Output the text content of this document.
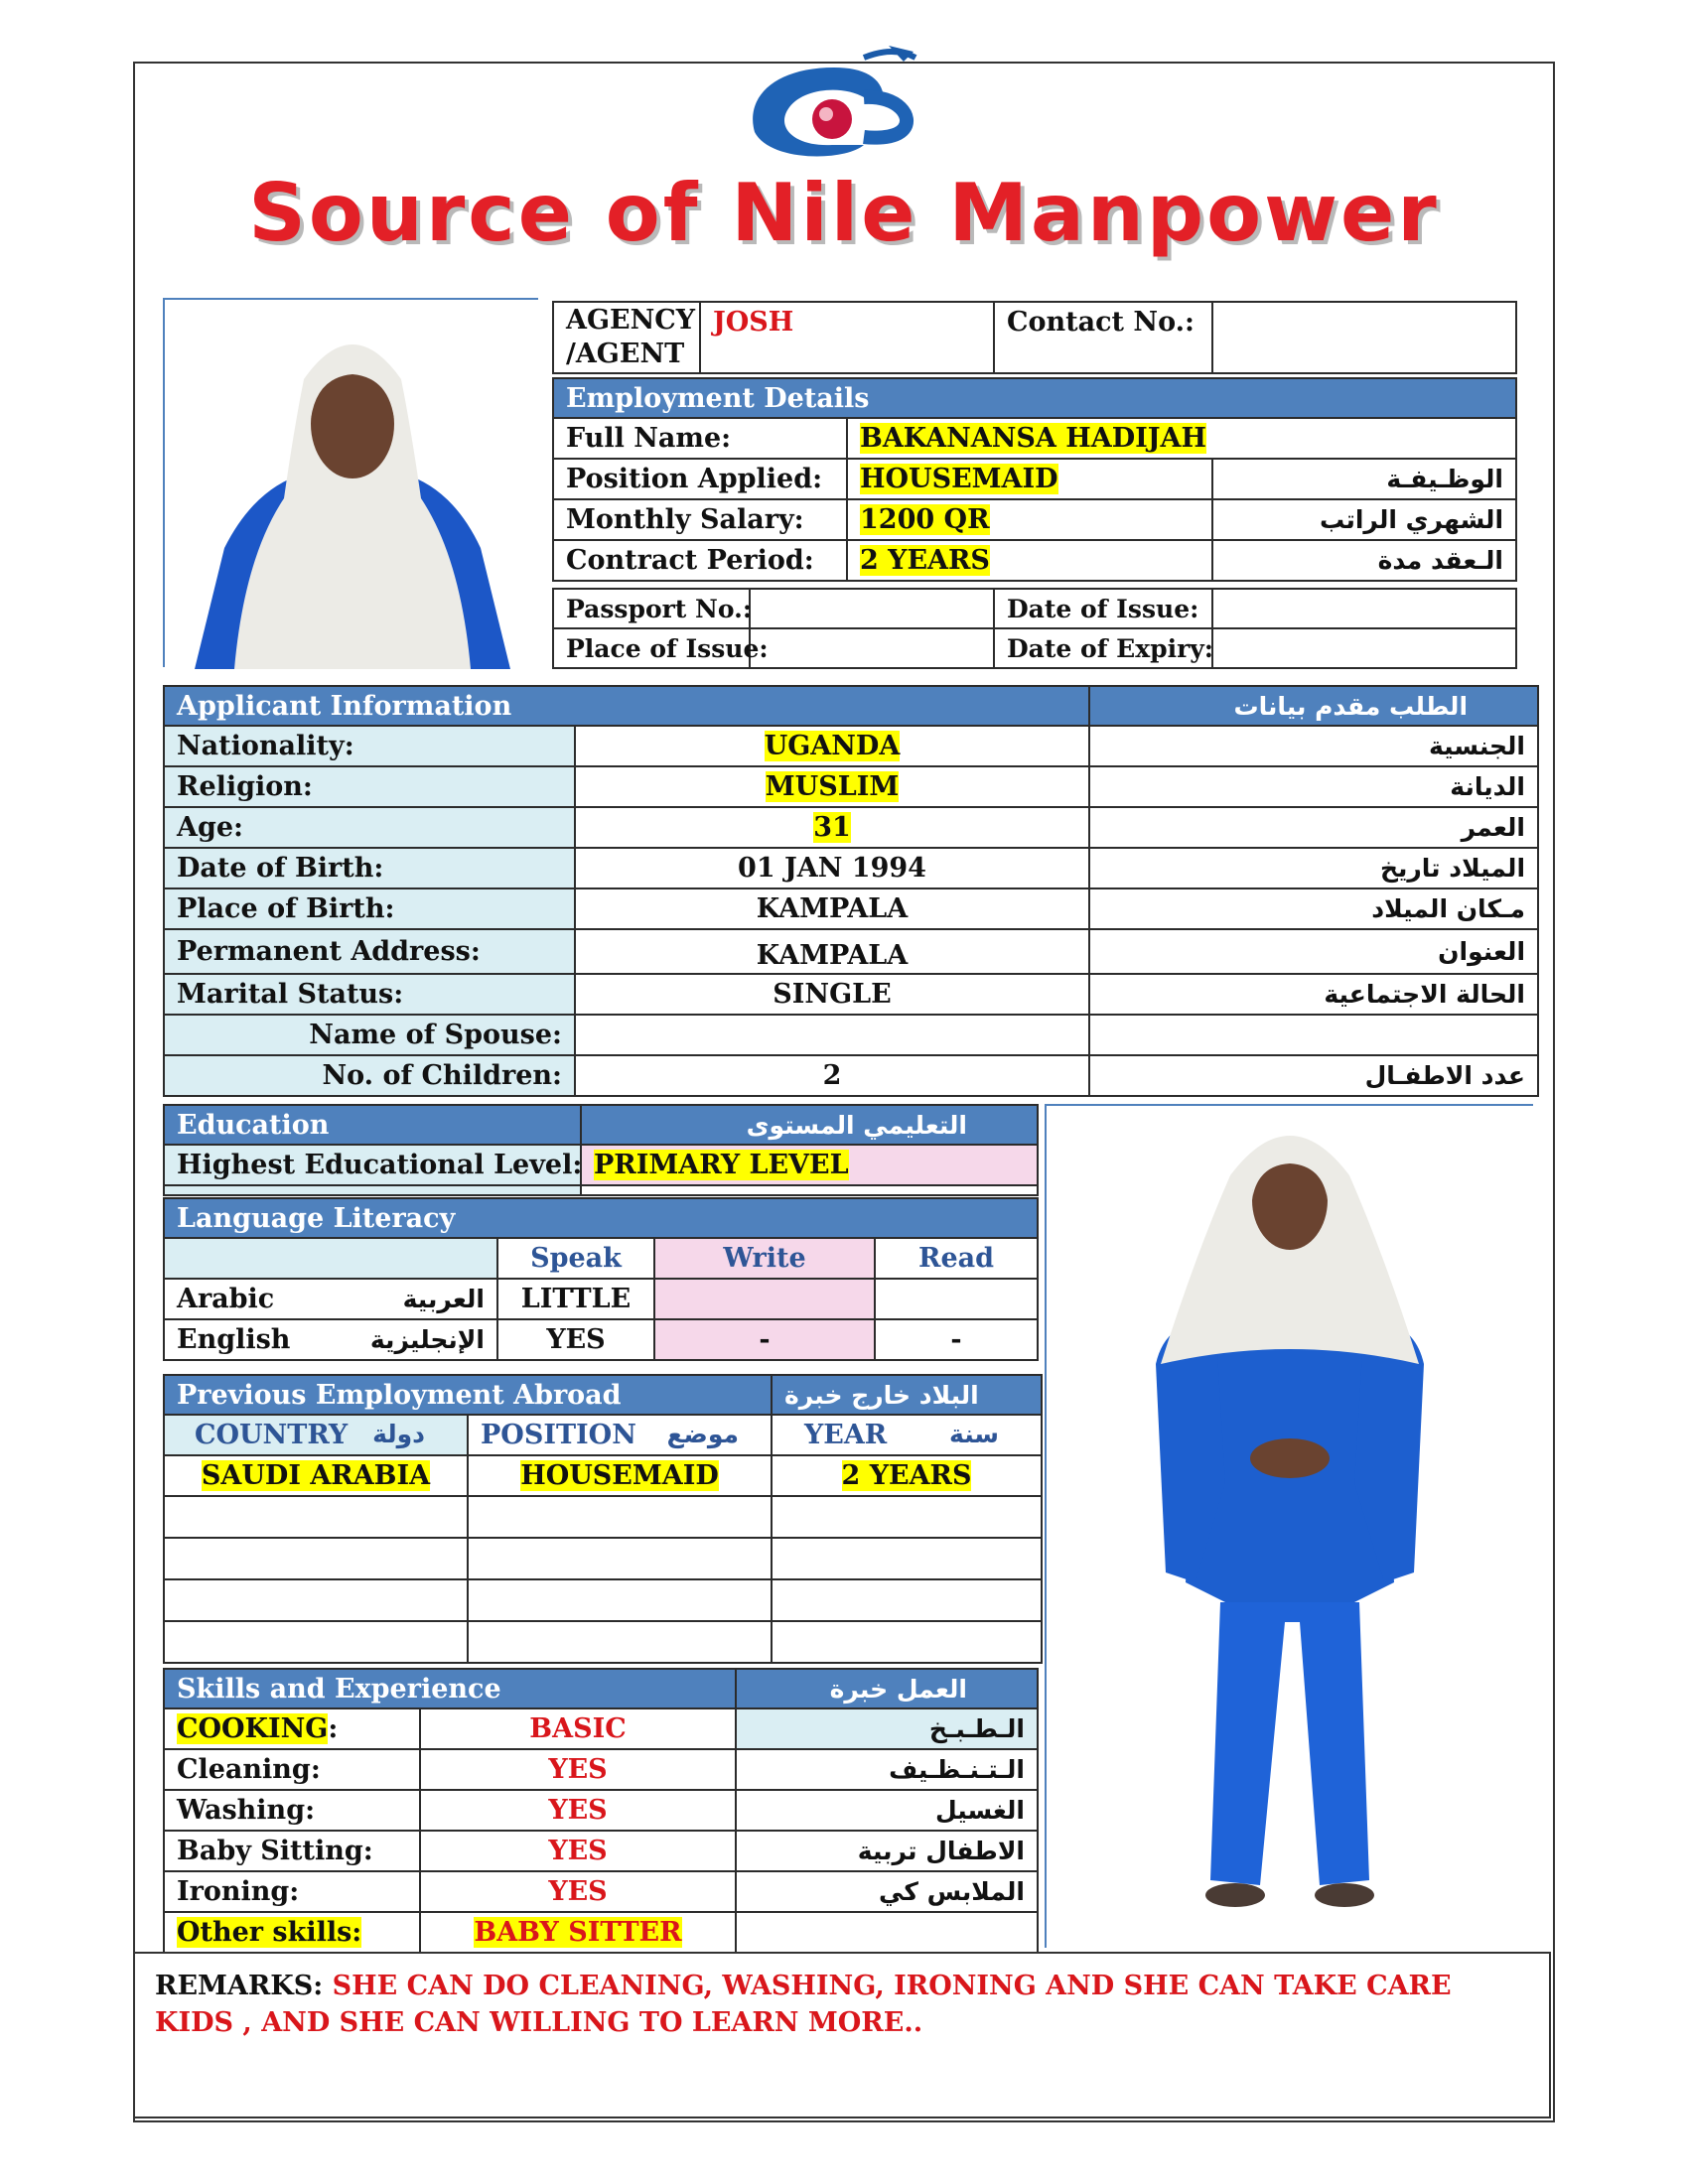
Source of Nile Manpower
AGENCY /AGENT	JOSH	Contact No.:	
Employment Details		
Full Name:	BAKANANSA HADIJAH	
Position Applied:	HOUSEMAID	الوظـيفـة
Monthly Salary:	1200 QR	الشهري الراتب
Contract Period:	2 YEARS	الـعقد مدة
Passport No.:		Date of Issue:	
Place of Issue:		Date of Expiry:	
Applicant Information		الطلب مقدم بيانات
Nationality:	UGANDA	الجنسية
Religion:	MUSLIM	الديانة
Age:	31	العمر
Date of Birth:	01 JAN 1994	الميلاد تاريخ
Place of Birth:	KAMPALA	مـكان الميلاد
Permanent Address:	KAMPALA	العنوان
Marital Status:	SINGLE	الحالة الاجتماعية
Name of Spouse:		
No. of Children:	2	عدد الاطفـال
Education	التعليمي المستوى
Highest Educational Level:	PRIMARY LEVEL

Language Literacy				
		Speak	Write	Read
Arabic	العربية	LITTLE		
English	الإنجليزية	YES	-	-
Previous Employment Abroad		البلاد خارج خبرة
COUNTRY دولة	POSITION موضع	YEAR سنة

SAUDI ARABIA	HOUSEMAID	2 YEARS

Skills and Experience		العمل خبرة
COOKING:	BASIC	الـطـبـخ
Cleaning:	YES	الـتـنـظـيف
Washing:	YES	الغسيل
Baby Sitting:	YES	الاطفال تربية
Ironing:	YES	الملابس كي
Other skills:	BABY SITTER	
REMARKS: SHE CAN DO CLEANING, WASHING, IRONING AND SHE CAN TAKE CARE KIDS , AND SHE CAN WILLING TO LEARN MORE..
